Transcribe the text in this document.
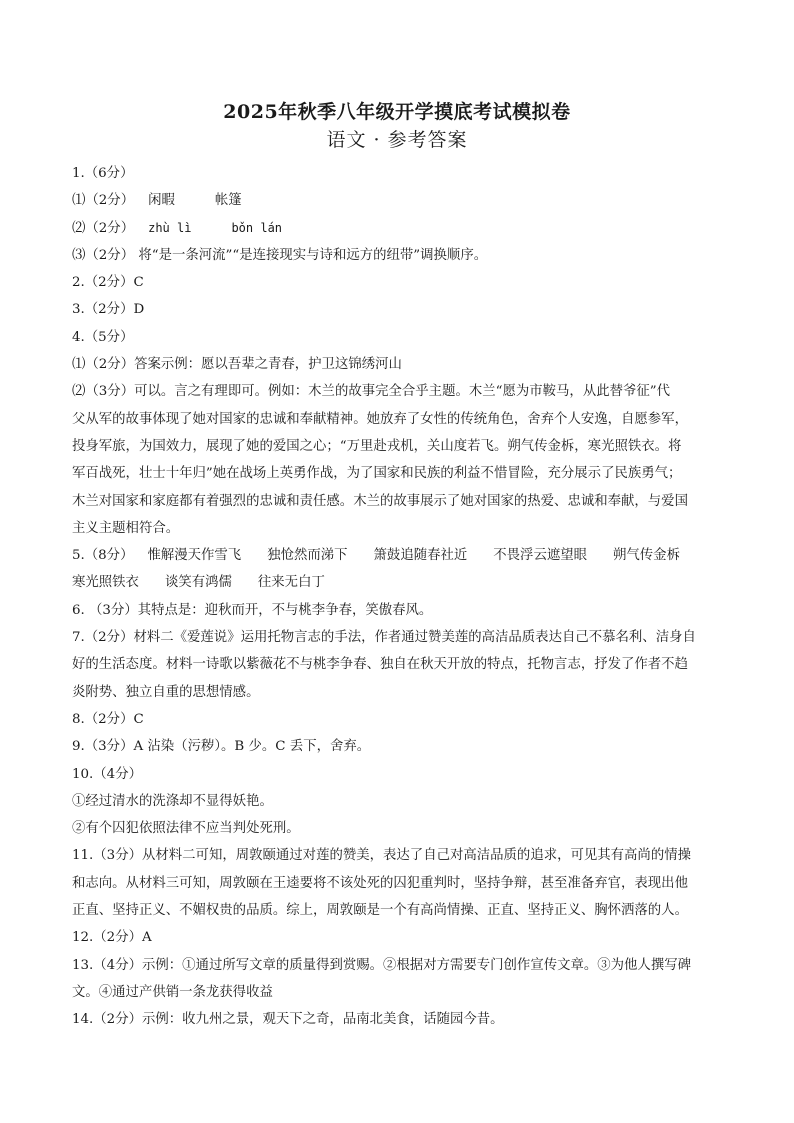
2025年秋季八年级开学摸底考试模拟卷
语文 · 参考答案
1.（6分）
⑴（2分） 闲暇	帐篷
⑵（2分） zhù lì	bǒn lán
⑶（2分） 将“是一条河流”“是连接现实与诗和远方的纽带”调换顺序。
2.（2分）C
3.（2分）D
4.（5分）
⑴（2分）答案示例：愿以吾辈之青春，护卫这锦绣河山
⑵（3分）可以。言之有理即可。例如：木兰的故事完全合乎主题。木兰“愿为市鞍马，从此替爷征”代
父从军的故事体现了她对国家的忠诚和奉献精神。她放弃了女性的传统角色，舍弃个人安逸，自愿参军，
投身军旅，为国效力，展现了她的爱国之心；“万里赴戎机，关山度若飞。朔气传金柝，寒光照铁衣。将
军百战死，壮士十年归”她在战场上英勇作战，为了国家和民族的利益不惜冒险，充分展示了民族勇气；
木兰对国家和家庭都有着强烈的忠诚和责任感。木兰的故事展示了她对国家的热爱、忠诚和奉献，与爱国
主义主题相符合。
5.（8分） 惟解漫天作雪飞 独怆然而涕下 箫鼓追随春社近 不畏浮云遮望眼 朔气传金柝
寒光照铁衣 谈笑有鸿儒 往来无白丁
6. （3分）其特点是：迎秋而开，不与桃李争春，笑傲春风。
7.（2分）材料二《爱莲说》运用托物言志的手法，作者通过赞美莲的高洁品质表达自己不慕名利、洁身自
好的生活态度。材料一诗歌以紫薇花不与桃李争春、独自在秋天开放的特点，托物言志，抒发了作者不趋
炎附势、独立自重的思想情感。
8.（2分）C
9.（3分）A 沾染（污秽）。B 少。C 丢下，舍弃。
10.（4分）
①经过清水的洗涤却不显得妖艳。
②有个囚犯依照法律不应当判处死刑。
11.（3分）从材料二可知，周敦颐通过对莲的赞美，表达了自己对高洁品质的追求，可见其有高尚的情操
和志向。从材料三可知，周敦颐在王逵要将不该处死的囚犯重判时，坚持争辩，甚至准备弃官，表现出他
正直、坚持正义、不媚权贵的品质。综上，周敦颐是一个有高尚情操、正直、坚持正义、胸怀洒落的人。
12.（2分）A
13.（4分）示例：①通过所写文章的质量得到赏赐。②根据对方需要专门创作宣传文章。③为他人撰写碑
文。④通过产供销一条龙获得收益
14.（2分）示例：收九州之景，观天下之奇，品南北美食，话随园今昔。
